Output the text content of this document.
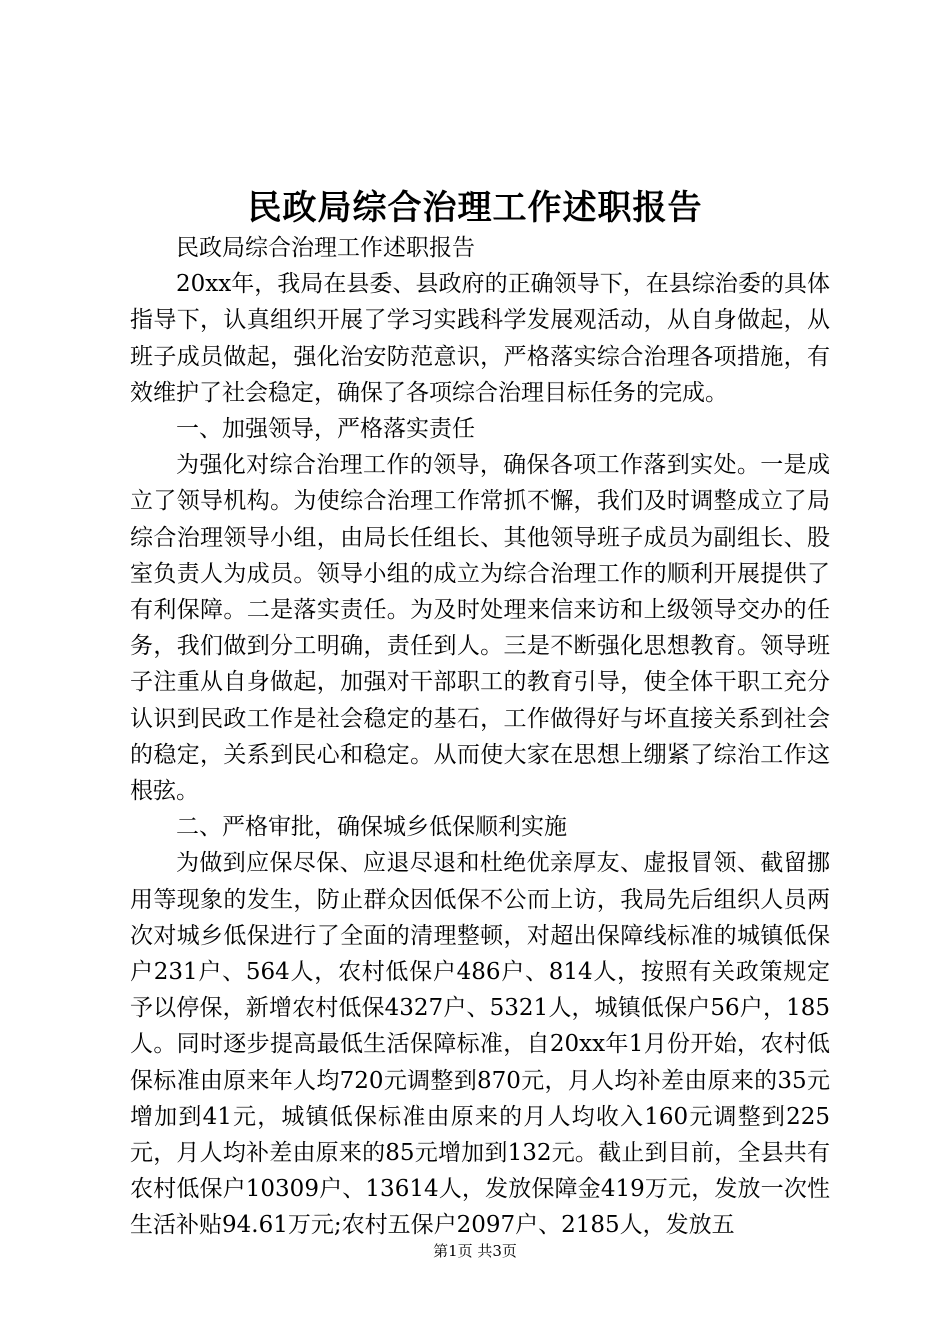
民政局综合治理工作述职报告

民政局综合治理工作述职报告

20xx年，我局在县委、县政府的正确领导下，在县综治委的具体指导下，认真组织开展了学习实践科学发展观活动，从自身做起，从班子成员做起，强化治安防范意识，严格落实综合治理各项措施，有效维护了社会稳定，确保了各项综合治理目标任务的完成。

一、加强领导，严格落实责任

为强化对综合治理工作的领导，确保各项工作落到实处。一是成立了领导机构。为使综合治理工作常抓不懈，我们及时调整成立了局综合治理领导小组，由局长任组长、其他领导班子成员为副组长、股室负责人为成员。领导小组的成立为综合治理工作的顺利开展提供了有利保障。二是落实责任。为及时处理来信来访和上级领导交办的任务，我们做到分工明确，责任到人。三是不断强化思想教育。领导班子注重从自身做起，加强对干部职工的教育引导，使全体干职工充分认识到民政工作是社会稳定的基石，工作做得好与坏直接关系到社会的稳定，关系到民心和稳定。从而使大家在思想上绷紧了综治工作这根弦。

二、严格审批，确保城乡低保顺利实施

为做到应保尽保、应退尽退和杜绝优亲厚友、虚报冒领、截留挪用等现象的发生，防止群众因低保不公而上访，我局先后组织人员两次对城乡低保进行了全面的清理整顿，对超出保障线标准的城镇低保户231户、564人，农村低保户486户、814人，按照有关政策规定予以停保，新增农村低保4327户、5321人，城镇低保户56户，185人。同时逐步提高最低生活保障标准，自20xx年1月份开始，农村低保标准由原来年人均720元调整到870元，月人均补差由原来的35元增加到41元，城镇低保标准由原来的月人均收入160元调整到225元，月人均补差由原来的85元增加到132元。截止到目前，全县共有农村低保户10309户、13614人，发放保障金419万元，发放一次性生活补贴94.61万元;农村五保户2097户、2185人，发放五

第1页 共3页
